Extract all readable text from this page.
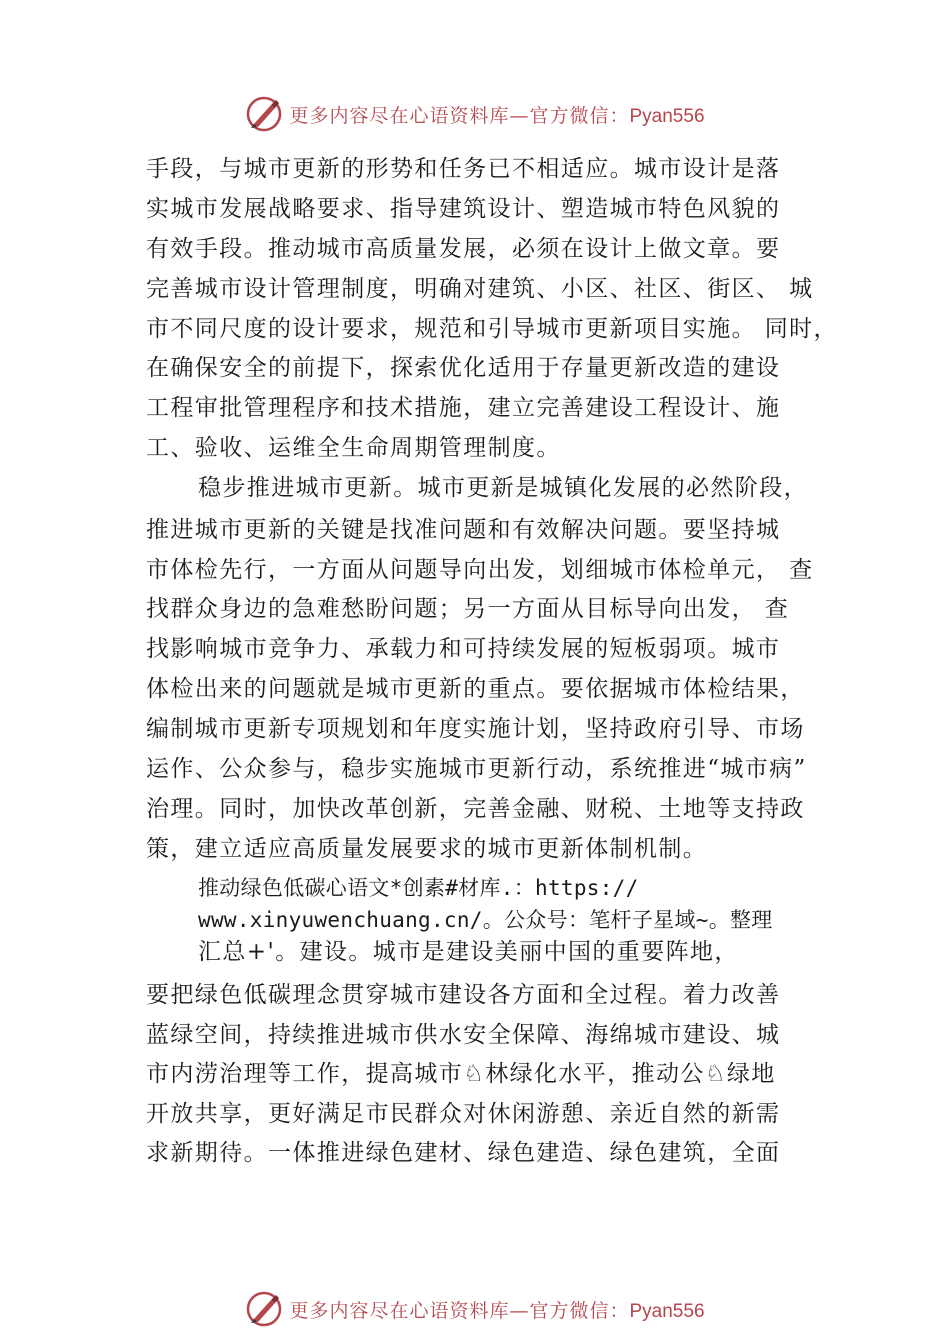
更多内容尽在心语资料库—官方微信：Pyan556
手段，与城市更新的形势和任务已不相适应。城市设计是落
实城市发展战略要求、指导建筑设计、塑造城市特色风貌的
有效手段。推动城市高质量发展，必须在设计上做文章。要
完善城市设计管理制度，明确对建筑、小区、社区、街区、 城
市不同尺度的设计要求，规范和引导城市更新项目实施。 同时，
在确保安全的前提下，探索优化适用于存量更新改造的建设
工程审批管理程序和技术措施，建立完善建设工程设计、施
工、验收、运维全生命周期管理制度。
稳步推进城市更新。城市更新是城镇化发展的必然阶段，
推进城市更新的关键是找准问题和有效解决问题。要坚持城
市体检先行，一方面从问题导向出发，划细城市体检单元， 查
找群众身边的急难愁盼问题；另一方面从目标导向出发， 查
找影响城市竞争力、承载力和可持续发展的短板弱项。城市
体检出来的问题就是城市更新的重点。要依据城市体检结果，
编制城市更新专项规划和年度实施计划，坚持政府引导、市场
运作、公众参与，稳步实施城市更新行动，系统推进“城市病”
治理。同时，加快改革创新，完善金融、财税、土地等支持政
策，建立适应高质量发展要求的城市更新体制机制。
推动绿色低碳心语文*创素#材库.：https://
www.xinyuwenchuang.cn/。公众号：笔杆子星域~。整理
汇总+'。建设。城市是建设美丽中国的重要阵地，
要把绿色低碳理念贯穿城市建设各方面和全过程。着力改善
蓝绿空间，持续推进城市供水安全保障、海绵城市建设、城
市内涝治理等工作，提高城市♘林绿化水平，推动公♘绿地
开放共享，更好满足市民群众对休闲游憩、亲近自然的新需
求新期待。一体推进绿色建材、绿色建造、绿色建筑，全面
更多内容尽在心语资料库—官方微信：Pyan556
